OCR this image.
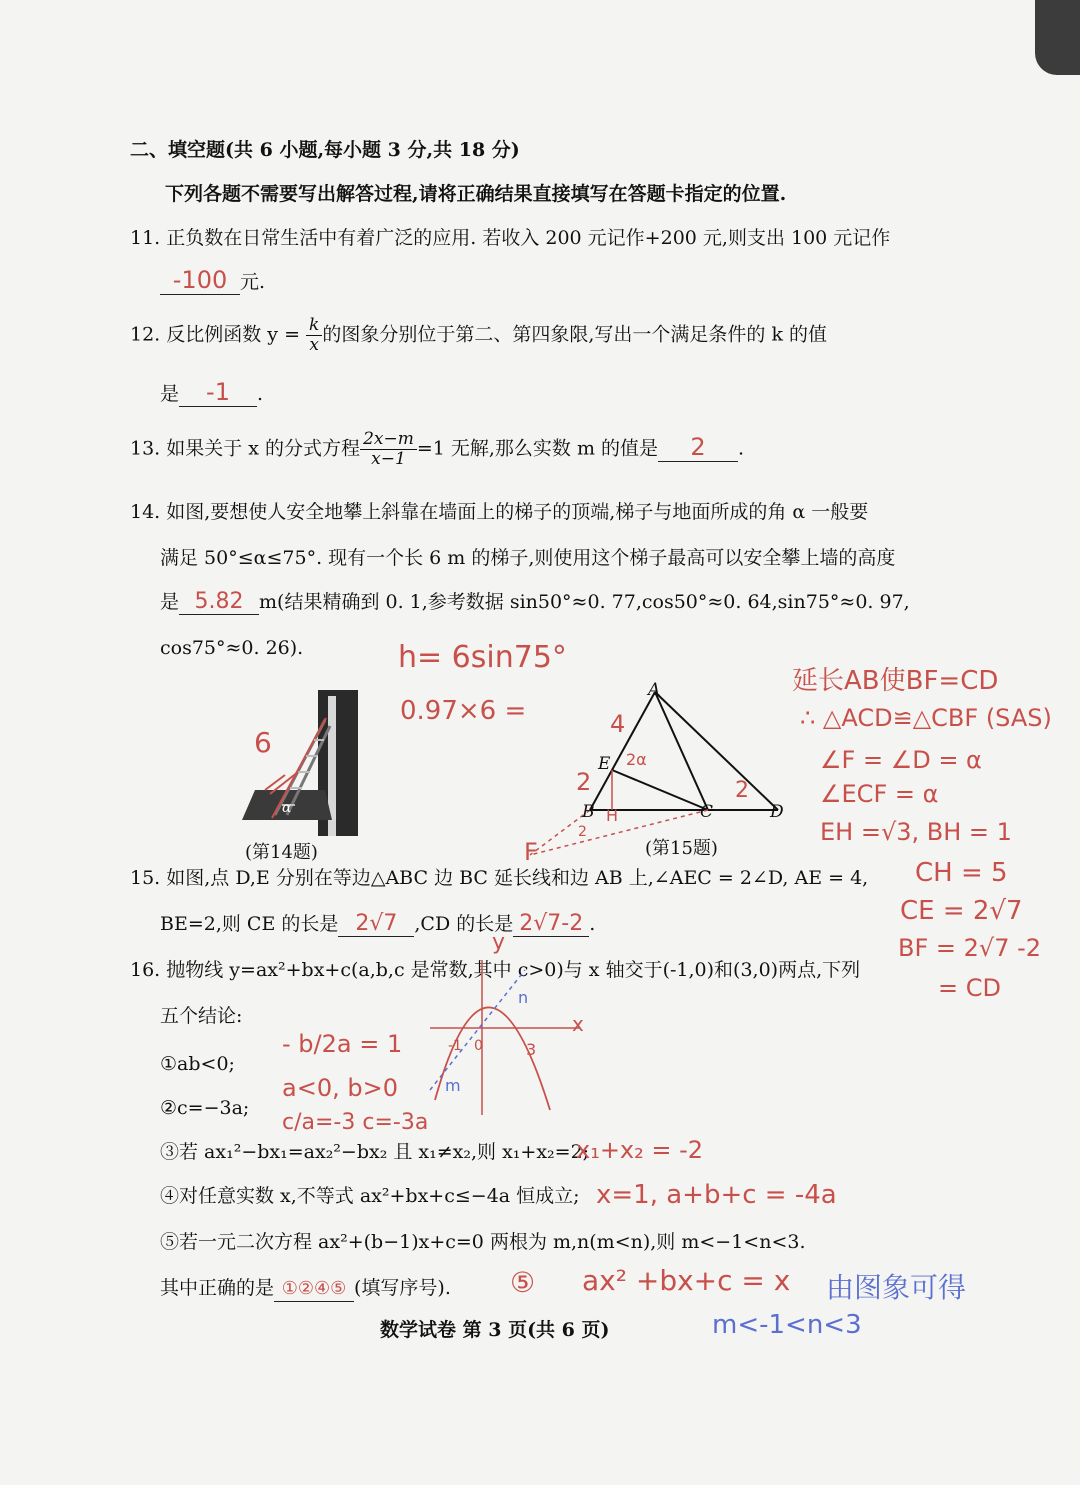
二、填空题(共 6 小题,每小题 3 分,共 18 分)
下列各题不需要写出解答过程,请将正确结果直接填写在答题卡指定的位置.
11. 正负数在日常生活中有着广泛的应用. 若收入 200 元记作+200 元,则支出 100 元记作
-100 元.
12. 反比例函数 $y = \frac{k}{x}$ 的图象分别位于第二、第四象限,写出一个满足条件的 k 的值
是 -1 .
13. 如果关于 x 的分式方程 $\frac{2x-m}{x-1} =1$ 无解,那么实数 m 的值是 2 .
14. 如图,要想使人安全地攀上斜靠在墙面上的梯子的顶端,梯子与地面所成的角 α 一般要
满足 50°≤α≤75°. 现有一个长 6 m 的梯子,则使用这个梯子最高可以安全攀上墙的高度
是 5.82 m(结果精确到 0. 1,参考数据 sin50°≈0. 77,cos50°≈0. 64,sin75°≈0. 97,
cos75°≈0. 26).	h= 6sin75°
0.97×6 =
6
α
(第14题)
A
B	C	D
E
H
F
4
2
2α
2
2
(第15题)
延长AB使BF=CD
∴ △ACD≌△CBF (SAS)
∠F = ∠D = α
∠ECF = α
EH =√3, BH = 1
CH = 5
CE = 2√7
BF = 2√7 -2
= CD
15. 如图,点 D,E 分别在等边△ABC 边 BC 延长线和边 AB 上,∠AEC = 2∠D, AE = 4,
BE=2,则 CE 的长是 2√7 ,CD 的长是 2√7-2 .
16. 抛物线 y=ax²+bx+c(a,b,c 是常数,其中 c>0)与 x 轴交于(-1,0)和(3,0)两点,下列
五个结论:
①ab<0;
②c=−3a;
③若 ax₁²−bx₁=ax₂²−bx₂ 且 x₁≠x₂,则 x₁+x₂=2;
④对任意实数 x,不等式 ax²+bx+c≤−4a 恒成立;
⑤若一元二次方程 ax²+(b−1)x+c=0 两根为 m,n(m<n),则 m<−1<n<3.
其中正确的是 ①②④⑤ (填写序号).
x
y
m
n
-1 0	3
- b/2a = 1
a<0, b>0
c/a=-3 c=-3a
x₁+x₂ = -2
x=1, a+b+c = -4a
⑤ ax² +bx+c = x 由图象可得
m<-1<n<3
数学试卷 第 3 页(共 6 页)
